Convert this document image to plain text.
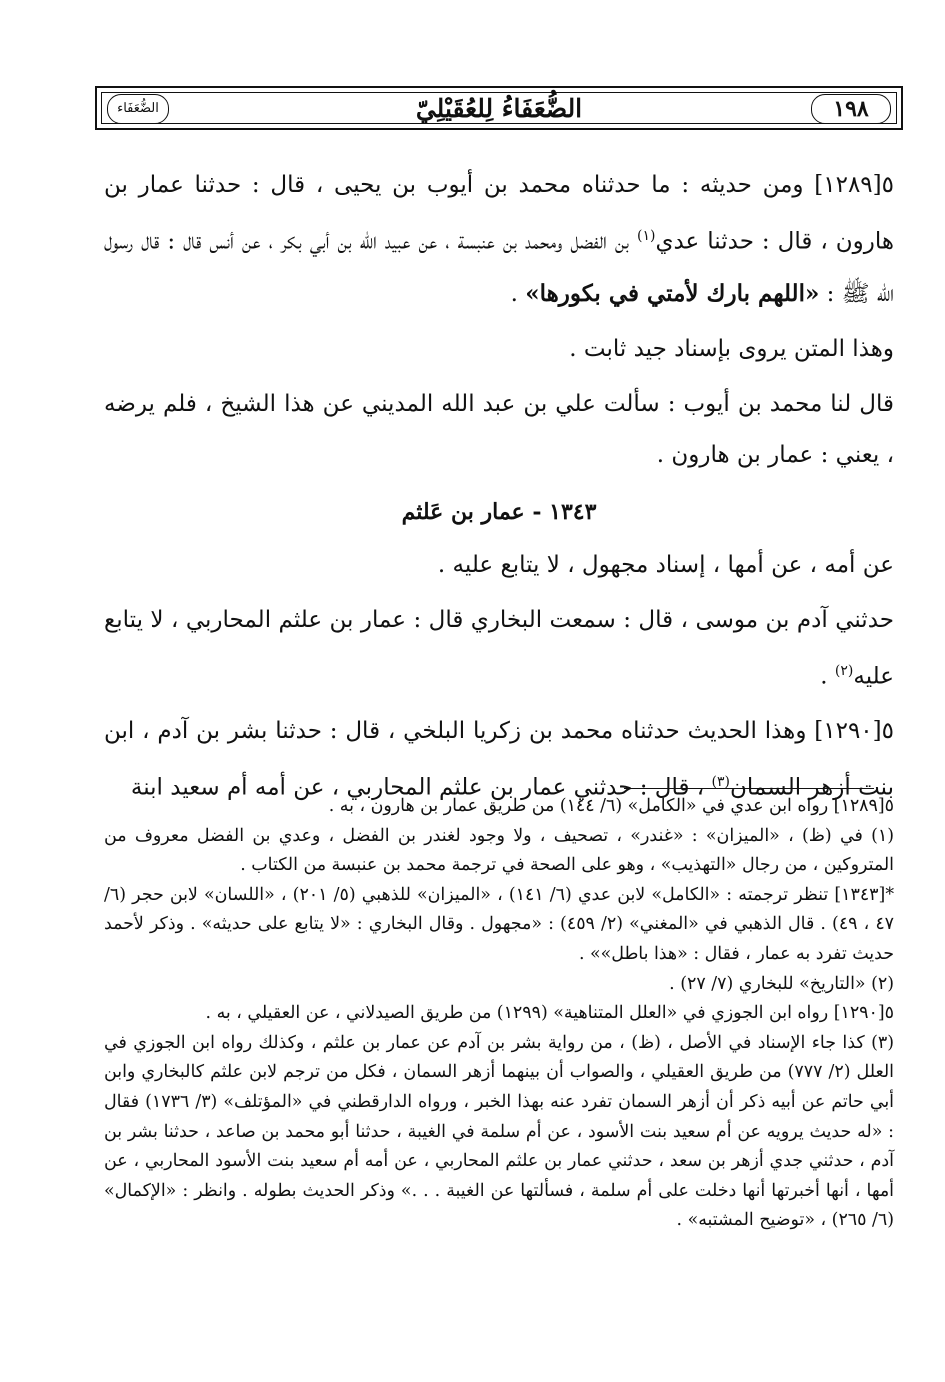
١٩٨
الضُّعَفَاءُ لِلعُقَيْلِيّ
الضُّعَفَاء

٥[١٢٨٩] ومن حديثه : ما حدثناه محمد بن أيوب بن يحيى ، قال : حدثنا عمار بن هارون ، قال : حدثنا عدي$^{(١)}$ بن الفضل ومحمد بن عنبسة ، عن عبيد الله بن أبي بكر ، عن أنس قال : قال رسول الله ﷺ : «اللهم بارك لأمتي في بكورها» .

وهذا المتن يروى بإسناد جيد ثابت .

قال لنا محمد بن أيوب : سألت علي بن عبد الله المديني عن هذا الشيخ ، فلم يرضه ، يعني : عمار بن هارون .

١٣٤٣ - عمار بن عَلثم

عن أمه ، عن أمها ، إسناد مجهول ، لا يتابع عليه .

حدثني آدم بن موسى ، قال : سمعت البخاري قال : عمار بن علثم المحاربي ، لا يتابع عليه$^{(٢)}$ .

٥[١٢٩٠] وهذا الحديث حدثناه محمد بن زكريا البلخي ، قال : حدثنا بشر بن آدم ، ابن بنت أزهر السمان$^{(٣)}$ ، قال : حدثني عمار بن علثم المحاربي ، عن أمه أم سعيد ابنة

٥[١٢٨٩] رواه ابن عدي في «الكامل» (٦/ ١٤٤) من طريق عمار بن هارون ، به .

(١) في (ظ) ، «الميزان» : «غندر» ، تصحيف ، ولا وجود لغندر بن الفضل ، وعدي بن الفضل معروف من المتروكين ، من رجال «التهذيب» ، وهو على الصحة في ترجمة محمد بن عنبسة من الكتاب .

*[١٣٤٣] تنظر ترجمته : «الكامل» لابن عدي (٦/ ١٤١) ، «الميزان» للذهبي (٥/ ٢٠١) ، «اللسان» لابن حجر (٦/ ٤٧ ، ٤٩) . قال الذهبي في «المغني» (٢/ ٤٥٩) : «مجهول . وقال البخاري : «لا يتابع على حديثه» . وذكر لأحمد حديث تفرد به عمار ، فقال : «هذا باطل»» .

(٢) «التاريخ» للبخاري (٧/ ٢٧) .

٥[١٢٩٠] رواه ابن الجوزي في «العلل المتناهية» (١٢٩٩) من طريق الصيدلاني ، عن العقيلي ، به .

(٣) كذا جاء الإسناد في الأصل ، (ظ) ، من رواية بشر بن آدم عن عمار بن علثم ، وكذلك رواه ابن الجوزي في العلل (٢/ ٧٧٧) من طريق العقيلي ، والصواب أن بينهما أزهر السمان ، فكل من ترجم لابن علثم كالبخاري وابن أبي حاتم عن أبيه ذكر أن أزهر السمان تفرد عنه بهذا الخبر ، ورواه الدارقطني في «المؤتلف» (٣/ ١٧٣٦) فقال : «له حديث يرويه عن أم سعيد بنت الأسود ، عن أم سلمة في الغيبة ، حدثنا أبو محمد بن صاعد ، حدثنا بشر بن آدم ، حدثني جدي أزهر بن سعد ، حدثني عمار بن علثم المحاربي ، عن أمه أم سعيد بنت الأسود المحاربي ، عن أمها ، أنها أخبرتها أنها دخلت على أم سلمة ، فسألتها عن الغيبة . . .» وذكر الحديث بطوله . وانظر : «الإكمال» (٦/ ٢٦٥) ، «توضيح المشتبه» .
